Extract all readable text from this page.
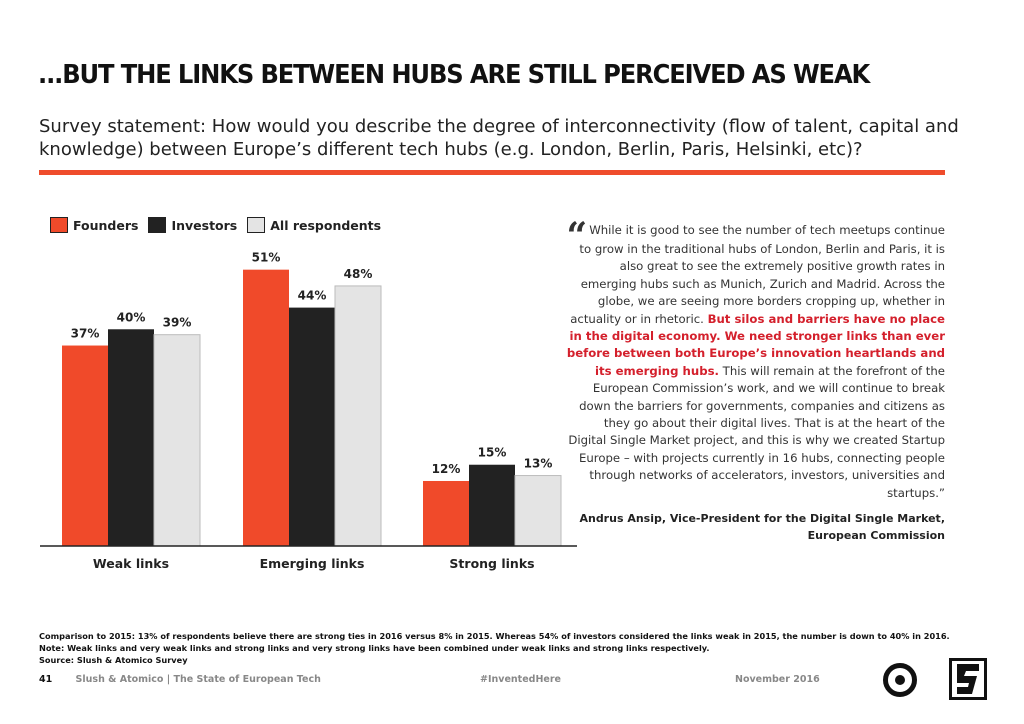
...BUT THE LINKS BETWEEN HUBS ARE STILL PERCEIVED AS WEAK
Survey statement: How would you describe the degree of interconnectivity (flow of talent, capital and knowledge) between Europe’s different tech hubs (e.g. London, Berlin, Paris, Helsinki, etc)?
Founders	Investors	All respondents
37%
40% 39%
Weak links
51%
44%
48%
Emerging links
12%
15%
13%
Strong links
“ While it is good to see the number of tech meetups continue to grow in the traditional hubs of London, Berlin and Paris, it is also great to see the extremely positive growth rates in emerging hubs such as Munich, Zurich and Madrid. Across the globe, we are seeing more borders cropping up, whether in actuality or in rhetoric. But silos and barriers have no place in the digital economy. We need stronger links than ever before between both Europe’s innovation heartlands and its emerging hubs. This will remain at the forefront of the European Commission’s work, and we will continue to break down the barriers for governments, companies and citizens as they go about their digital lives. That is at the heart of the Digital Single Market project, and this is why we created Startup Europe – with projects currently in 16 hubs, connecting people through networks of accelerators, investors, universities and startups.”
Andrus Ansip, Vice-President for the Digital Single Market,
European Commission
Comparison to 2015: 13% of respondents believe there are strong ties in 2016 versus 8% in 2015. Whereas 54% of investors considered the links weak in 2015, the number is down to 40% in 2016.
Note: Weak links and very weak links and strong links and very strong links have been combined under weak links and strong links respectively.
Source: Slush & Atomico Survey
41 Slush & Atomico | The State of European Tech	#InventedHere	November 2016
